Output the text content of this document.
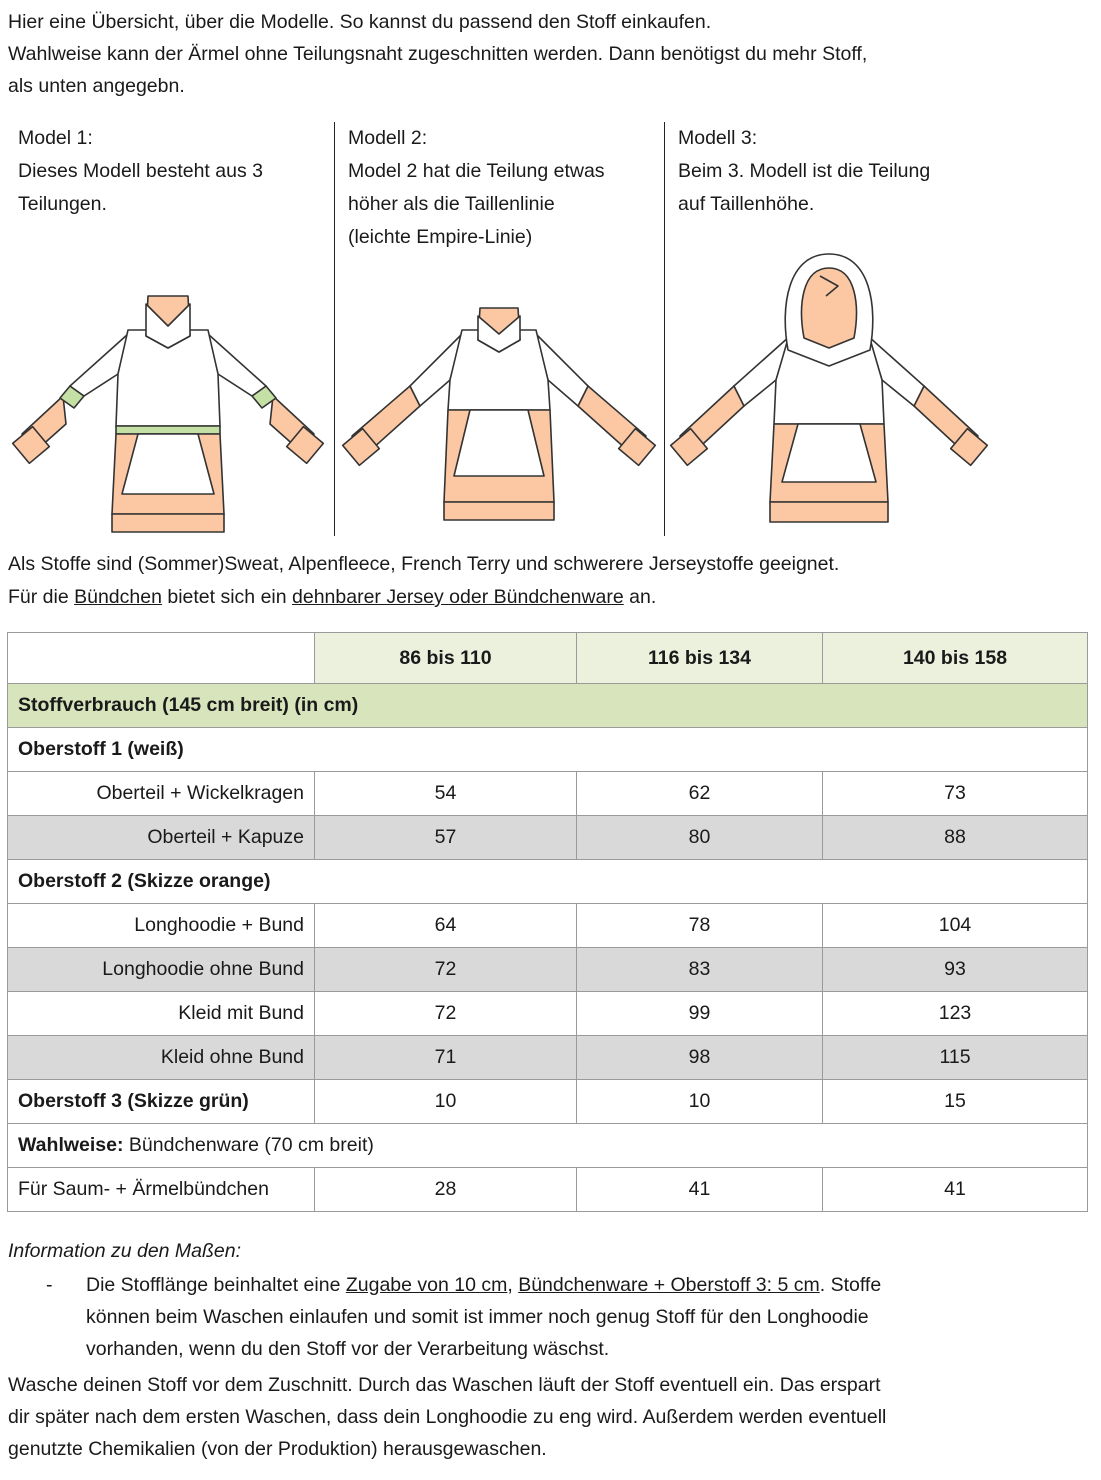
Hier eine Übersicht, über die Modelle. So kannst du passend den Stoff einkaufen.
Wahlweise kann der Ärmel ohne Teilungsnaht zugeschnitten werden. Dann benötigst du mehr Stoff,
als unten angegebn.
Model 1:
Dieses Modell besteht aus 3
Teilungen.
Modell 2:
Model 2 hat die Teilung etwas
höher als die Taillenlinie
(leichte Empire-Linie)
Modell 3:
Beim 3. Modell ist die Teilung
auf Taillenhöhe.
Als Stoffe sind (Sommer)Sweat, Alpenfleece, French Terry und schwerere Jerseystoffe geeignet.
Für die Bündchen bietet sich ein dehnbarer Jersey oder Bündchenware an.
	86 bis 110	116 bis 134	140 bis 158
Stoffverbrauch (145 cm breit) (in cm)			
Oberstoff 1 (weiß)			
Oberteil + Wickelkragen	54	62	73
Oberteil + Kapuze	57	80	88
Oberstoff 2 (Skizze orange)			
Longhoodie + Bund	64	78	104
Longhoodie ohne Bund	72	83	93
Kleid mit Bund	72	99	123
Kleid ohne Bund	71	98	115
Oberstoff 3 (Skizze grün)	10	10	15
Wahlweise: Bündchenware (70 cm breit)			
Für Saum- + Ärmelbündchen	28	41	41
Information zu den Maßen:
- Die Stofflänge beinhaltet eine Zugabe von 10 cm, Bündchenware + Oberstoff 3: 5 cm. Stoffe
können beim Waschen einlaufen und somit ist immer noch genug Stoff für den Longhoodie
vorhanden, wenn du den Stoff vor der Verarbeitung wäschst.
Wasche deinen Stoff vor dem Zuschnitt. Durch das Waschen läuft der Stoff eventuell ein. Das erspart
dir später nach dem ersten Waschen, dass dein Longhoodie zu eng wird. Außerdem werden eventuell
genutzte Chemikalien (von der Produktion) herausgewaschen.
